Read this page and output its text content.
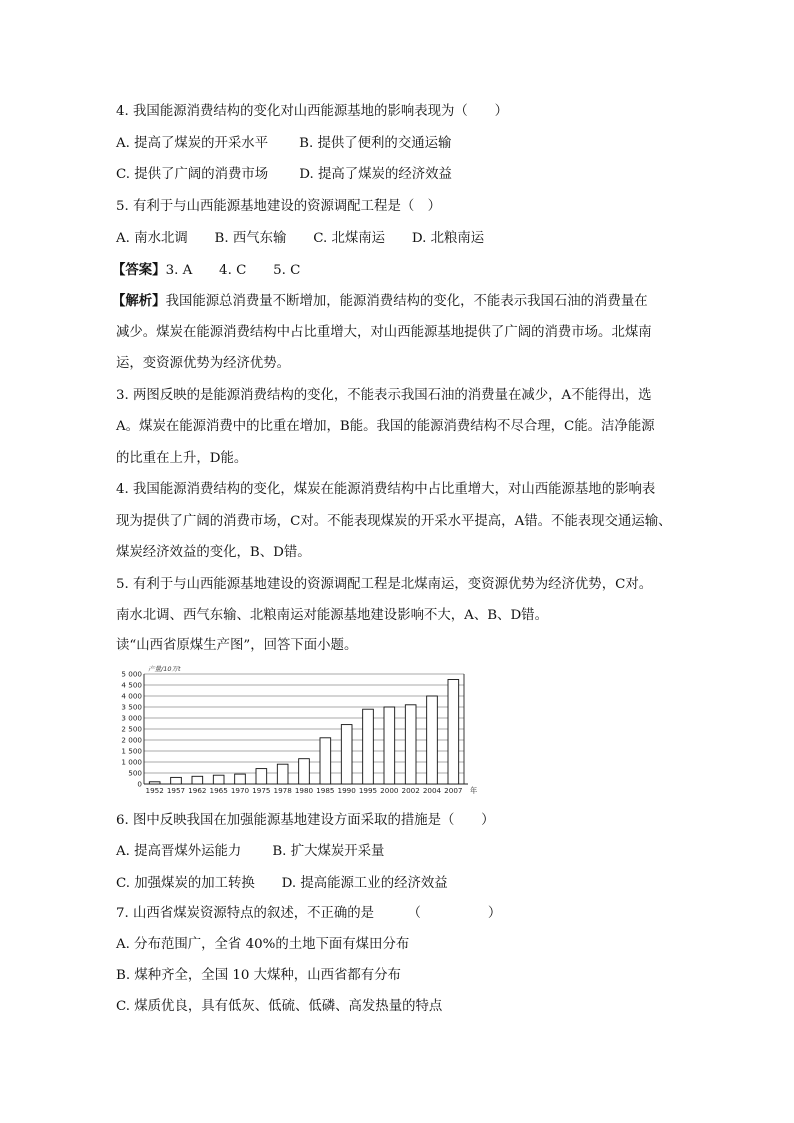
4. 我国能源消费结构的变化对山西能源基地的影响表现为（　　）
A. 提高了煤炭的开采水平　　 B. 提供了便利的交通运输
C. 提供了广阔的消费市场　　 D. 提高了煤炭的经济效益
5. 有利于与山西能源基地建设的资源调配工程是（　）
A. 南水北调　　B. 西气东输　　C. 北煤南运　　D. 北粮南运
【答案】3. A　　4. C　　5. C
【解析】我国能源总消费量不断增加，能源消费结构的变化，不能表示我国石油的消费量在
减少。煤炭在能源消费结构中占比重增大，对山西能源基地提供了广阔的消费市场。北煤南
运，变资源优势为经济优势。
3. 两图反映的是能源消费结构的变化，不能表示我国石油的消费量在减少，A不能得出，选
A。煤炭在能源消费中的比重在增加，B能。我国的能源消费结构不尽合理，C能。洁净能源
的比重在上升，D能。
4. 我国能源消费结构的变化，煤炭在能源消费结构中占比重增大，对山西能源基地的影响表
现为提供了广阔的消费市场，C对。不能表现煤炭的开采水平提高，A错。不能表现交通运输、
煤炭经济效益的变化，B、D错。
5. 有利于与山西能源基地建设的资源调配工程是北煤南运，变资源优势为经济优势，C对。
南水北调、西气东输、北粮南运对能源基地建设影响不大，A、B、D错。
读“山西省原煤生产图”，回答下面小题。
产量/10万t
0
500
1 000
1 500
2 000
2 500
3 000
3 500
4 000
4 500
5 000
1952 1957 1962 1965 1970 1975 1978 1980 1985 1990 1995 2000 2002 2004 2007 年
6. 图中反映我国在加强能源基地建设方面采取的措施是（　　）
A. 提高晋煤外运能力　　 B. 扩大煤炭开采量
C. 加强煤炭的加工转换　　D. 提高能源工业的经济效益
7. 山西省煤炭资源特点的叙述，不正确的是　　　（　　　　　）
A. 分布范围广，全省 40%的土地下面有煤田分布
B. 煤种齐全，全国 10 大煤种，山西省都有分布
C. 煤质优良，具有低灰、低硫、低磷、高发热量的特点
